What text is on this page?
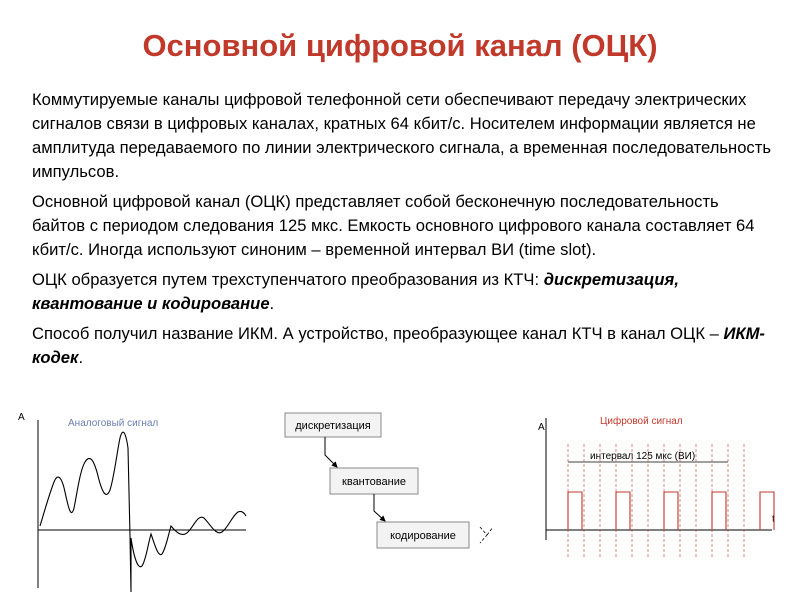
Основной цифровой канал (ОЦК)

Коммутируемые каналы цифровой телефонной сети обеспечивают передачу электрических сигналов связи в цифровых каналах, кратных 64 кбит/с. Носителем информации является не амплитуда передаваемого по линии электрического сигнала, а временная последовательность импульсов.

Основной цифровой канал (ОЦК) представляет собой бесконечную последовательность байтов с периодом следования 125 мкс. Емкость основного цифрового канала составляет 64 кбит/с. Иногда используют синоним – временной интервал ВИ (time slot).

ОЦК образуется путем трехступенчатого преобразования из КТЧ: дискретизация, квантование и кодирование.

Способ получил название ИКМ. А устройство, преобразующее канал КТЧ в канал ОЦК – ИКМ-кодек.

A
Аналоговый сигнал	дискретизация
квантование
кодирование
A
t
Цифровой сигнал
интервал 125 мкс (ВИ)
